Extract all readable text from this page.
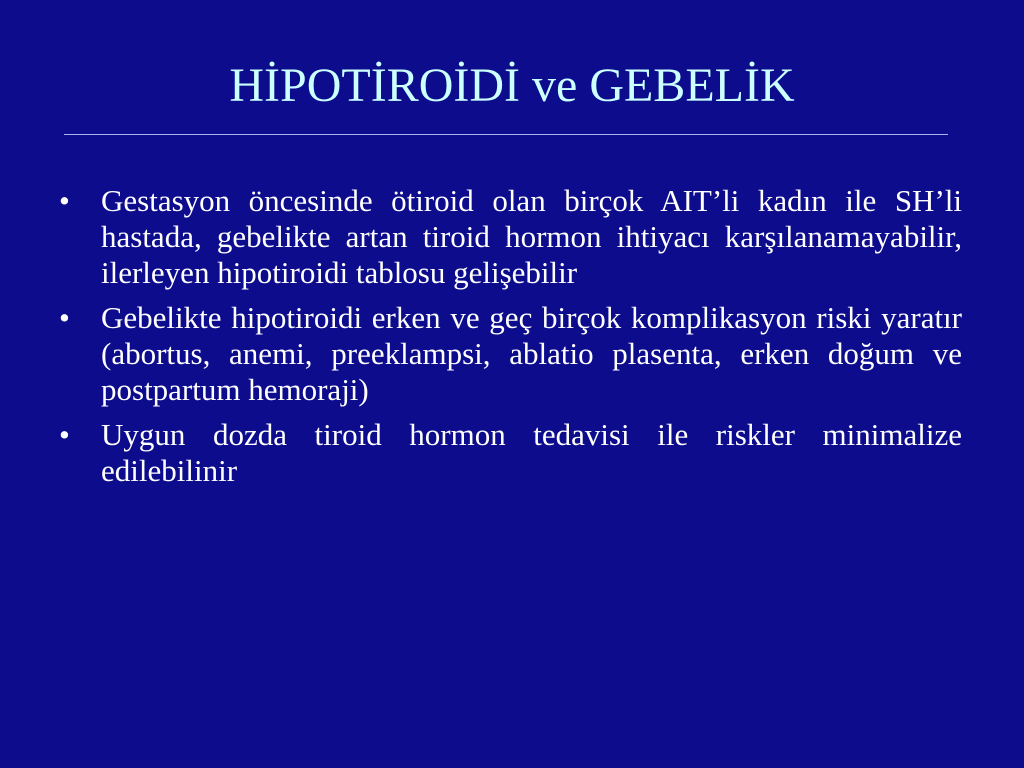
HİPOTİROİDİ ve GEBELİK
• Gestasyon öncesinde ötiroid olan birçok AIT’li kadın ile SH’li hastada, gebelikte artan tiroid hormon ihtiyacı karşılanamayabilir, ilerleyen hipotiroidi tablosu gelişebilir
• Gebelikte hipotiroidi erken ve geç birçok komplikasyon riski yaratır (abortus, anemi, preeklampsi, ablatio plasenta, erken doğum ve postpartum hemoraji)
• Uygun dozda tiroid hormon tedavisi ile riskler minimalize edilebilinir
